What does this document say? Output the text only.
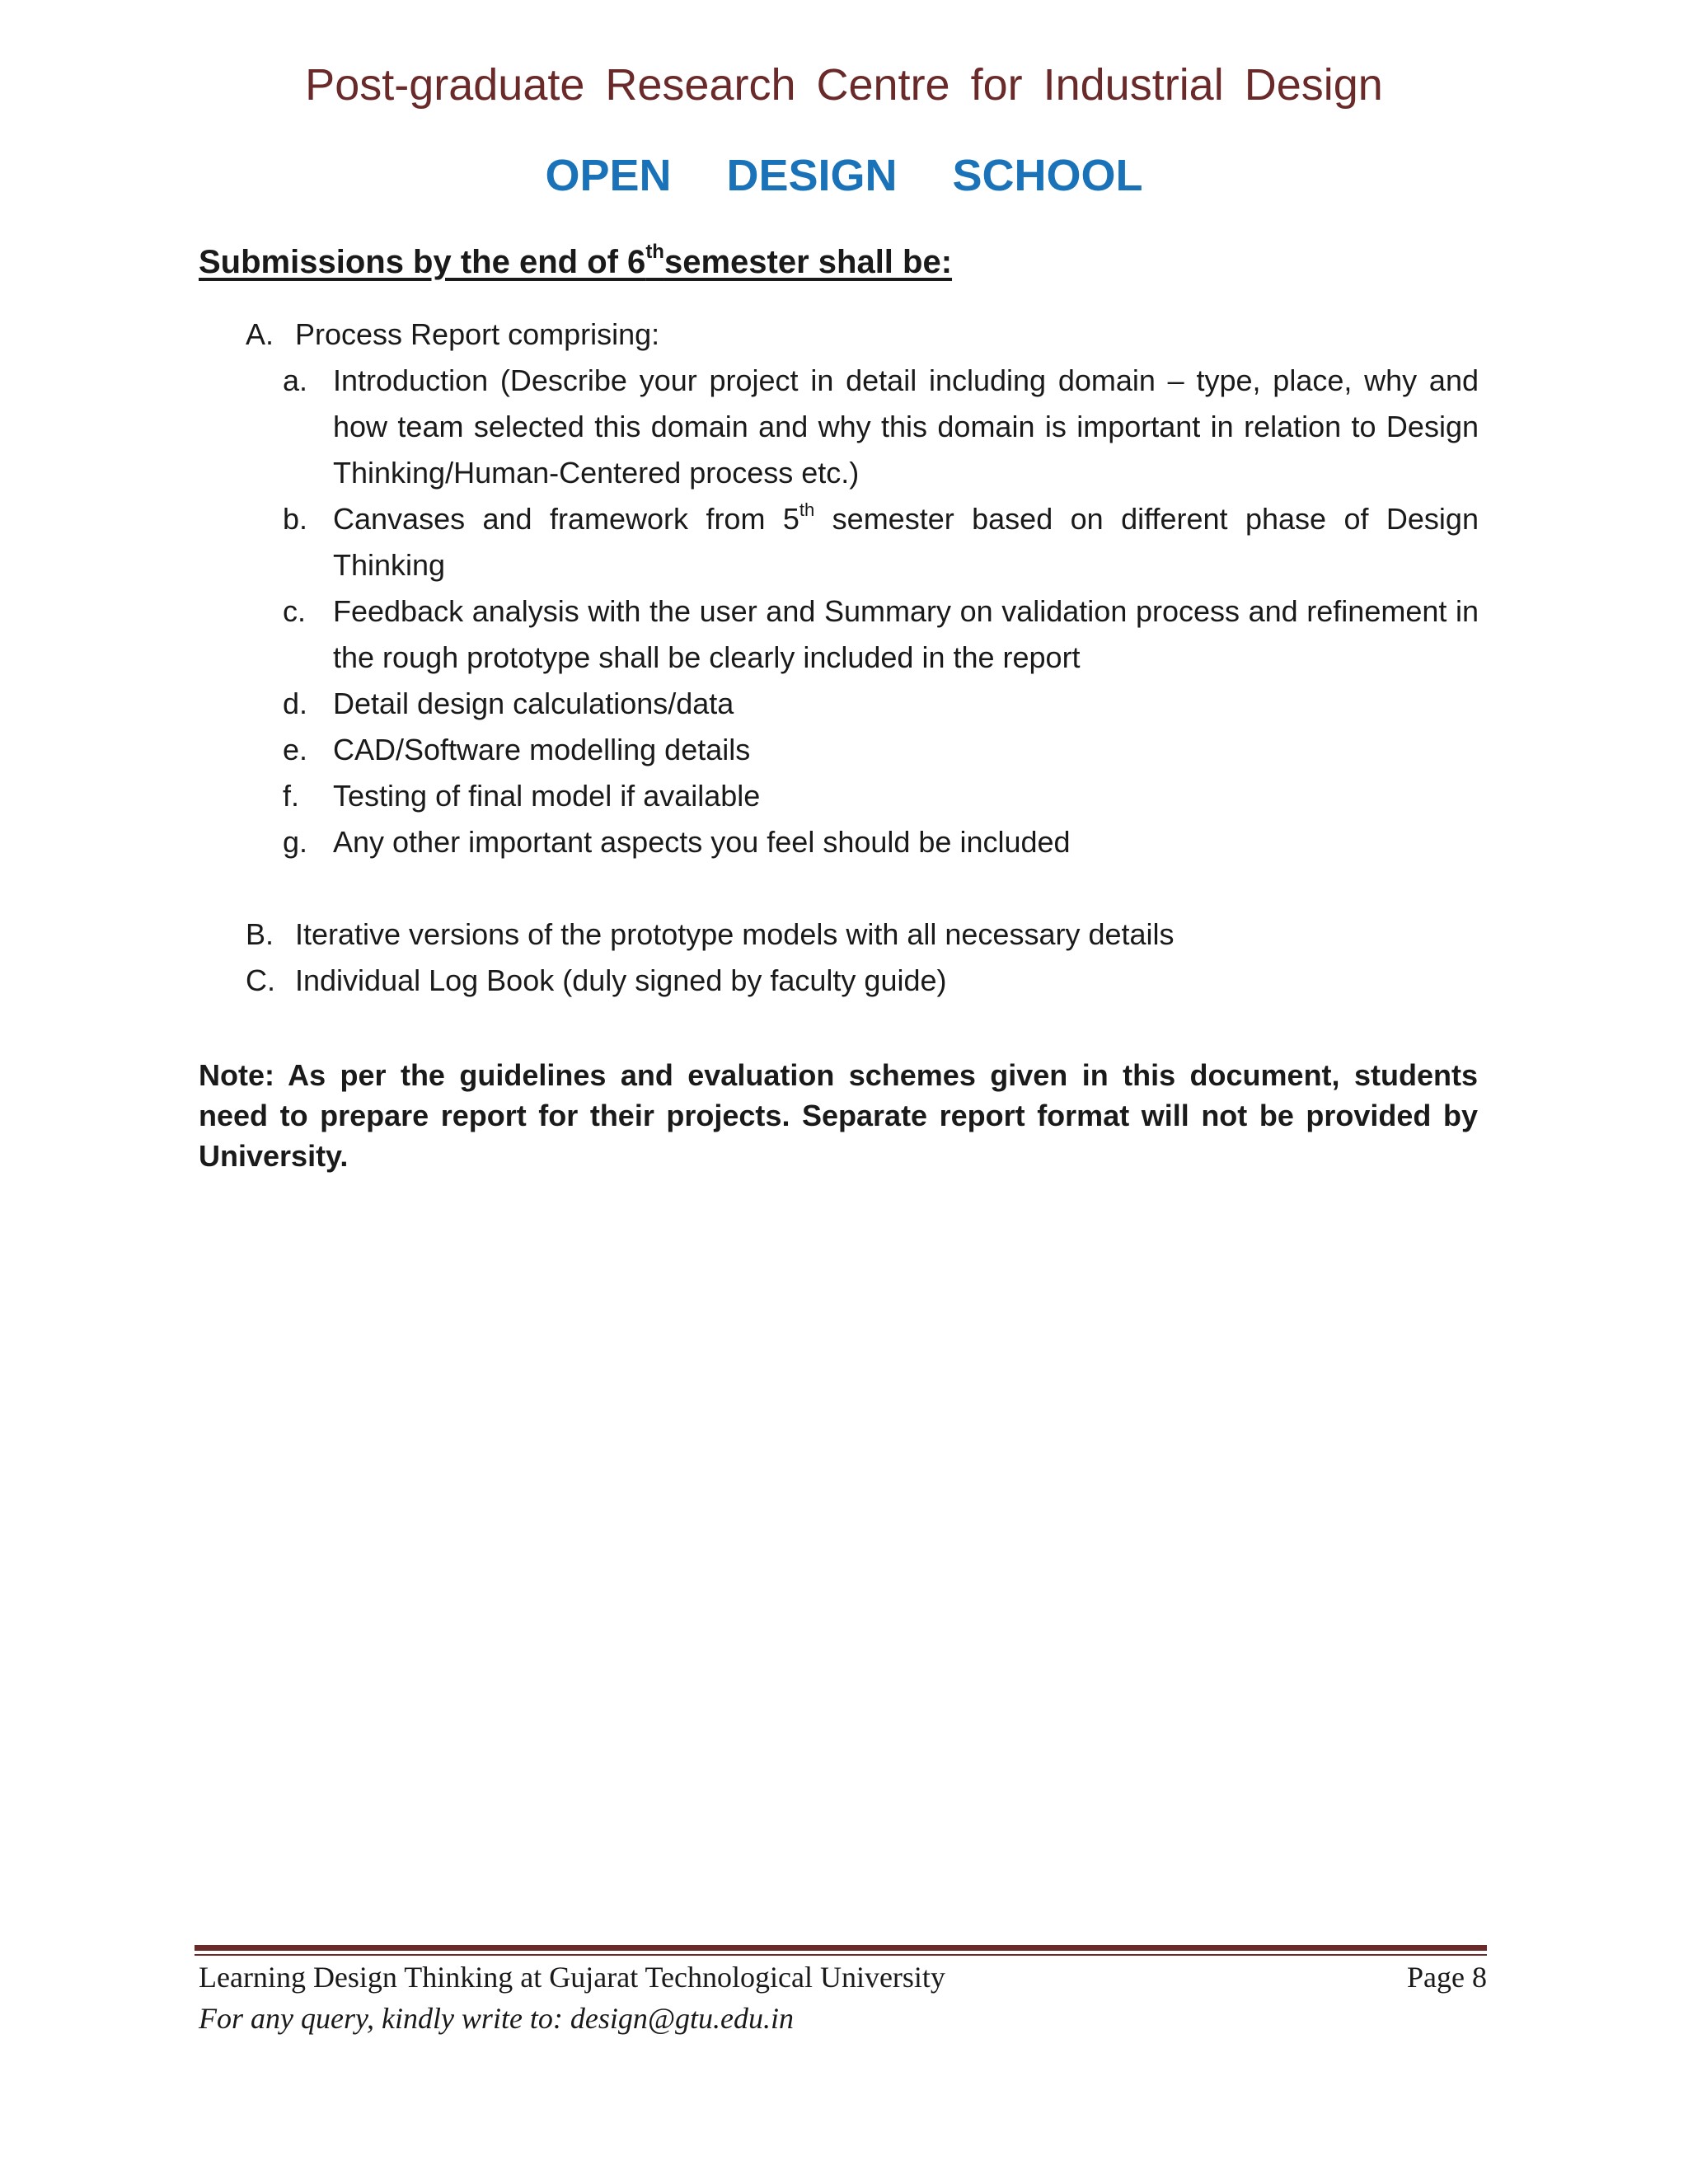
Post-graduate Research Centre for Industrial Design
OPEN DESIGN SCHOOL
Submissions by the end of 6thsemester shall be:
A. Process Report comprising:
a. Introduction (Describe your project in detail including domain – type, place, why and how team selected this domain and why this domain is important in relation to Design Thinking/Human-Centered process etc.)
b. Canvases and framework from 5th semester based on different phase of Design Thinking
c. Feedback analysis with the user and Summary on validation process and refinement in the rough prototype shall be clearly included in the report
d. Detail design calculations/data
e. CAD/Software modelling details
f. Testing of final model if available
g. Any other important aspects you feel should be included
B. Iterative versions of the prototype models with all necessary details
C. Individual Log Book (duly signed by faculty guide)
Note: As per the guidelines and evaluation schemes given in this document, students need to prepare report for their projects. Separate report format will not be provided by University.
Learning Design Thinking at Gujarat Technological University	Page 8
For any query, kindly write to: design@gtu.edu.in
